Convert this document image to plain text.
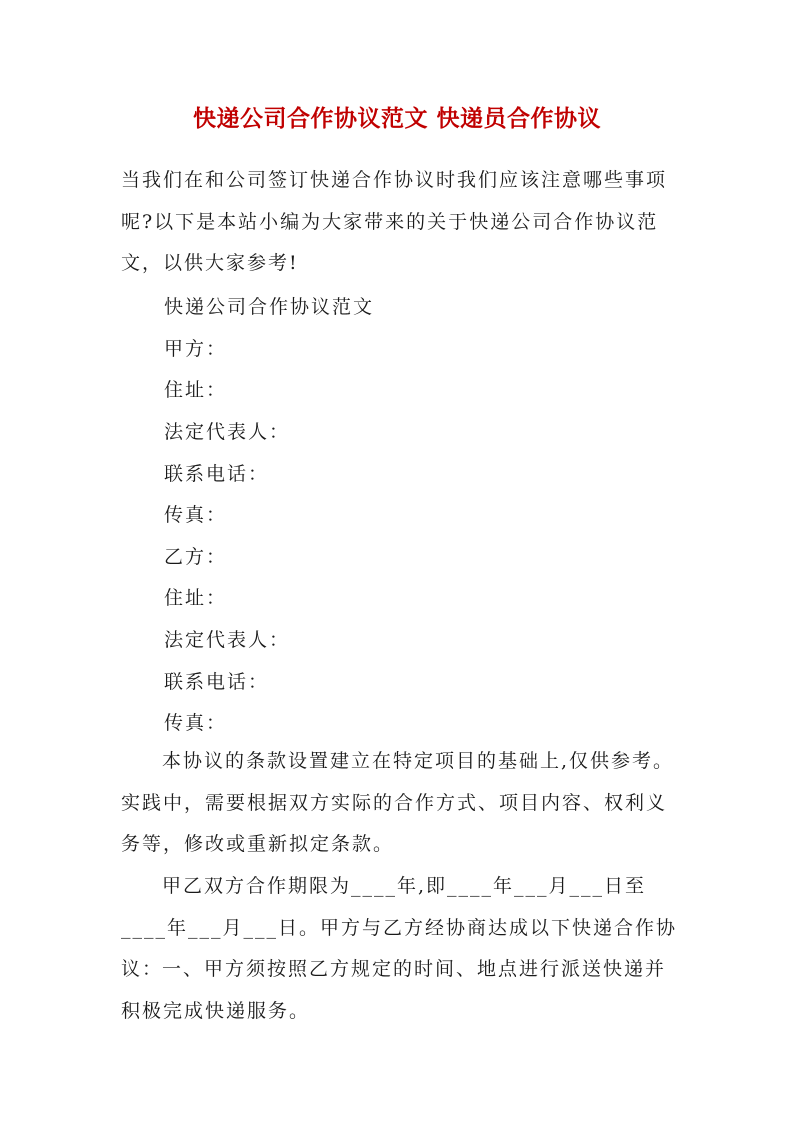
快递公司合作协议范文 快递员合作协议

当我们在和公司签订快递合作协议时我们应该注意哪些事项呢?以下是本站小编为大家带来的关于快递公司合作协议范文，以供大家参考!

快递公司合作协议范文
甲方：
住址：
法定代表人：
联系电话：
传真：
乙方：
住址：
法定代表人：
联系电话：
传真：

本协议的条款设置建立在特定项目的基础上,仅供参考。实践中，需要根据双方实际的合作方式、项目内容、权利义务等，修改或重新拟定条款。

甲乙双方合作期限为____年,即____年___月___日至____年___月___日。甲方与乙方经协商达成以下快递合作协议：

一、甲方须按照乙方规定的时间、地点进行派送快递并积极完成快递服务。
